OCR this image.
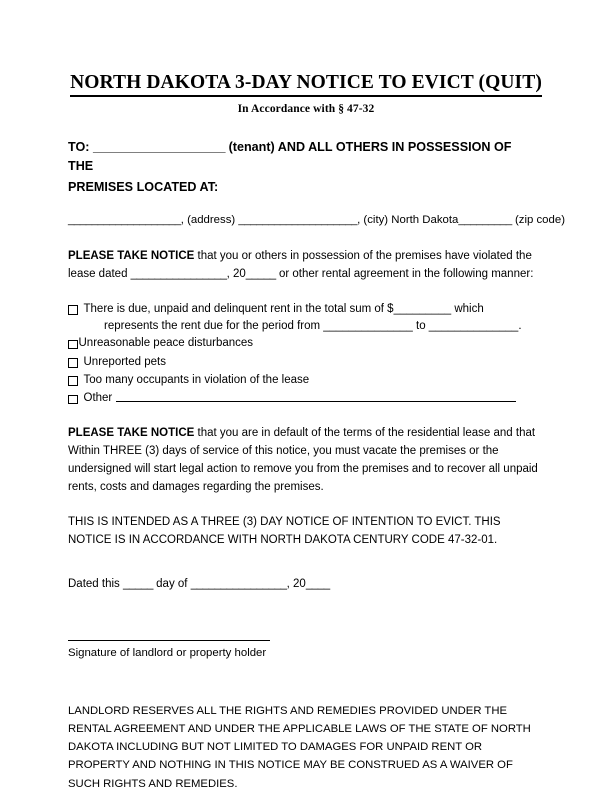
NORTH DAKOTA 3-DAY NOTICE TO EVICT (QUIT)
In Accordance with § 47-32
TO: ____________________ (tenant) AND ALL OTHERS IN POSSESSION OF THE
PREMISES LOCATED AT:
___________________, (address) ____________________, (city) North Dakota_________ (zip code)
PLEASE TAKE NOTICE that you or others in possession of the premises have violated the lease dated ________________, 20_____ or other rental agreement in the following manner:
There is due, unpaid and delinquent rent in the total sum of $_________ which
represents the rent due for the period from ______________ to ______________.
Unreasonable peace disturbances
Unreported pets
Too many occupants in violation of the lease
Other
PLEASE TAKE NOTICE that you are in default of the terms of the residential lease and that Within THREE (3) days of service of this notice, you must vacate the premises or the undersigned will start legal action to remove you from the premises and to recover all unpaid rents, costs and damages regarding the premises.
THIS IS INTENDED AS A THREE (3) DAY NOTICE OF INTENTION TO EVICT. THIS NOTICE IS IN ACCORDANCE WITH NORTH DAKOTA CENTURY CODE 47-32-01.
Dated this _____ day of ________________, 20____
Signature of landlord or property holder
LANDLORD RESERVES ALL THE RIGHTS AND REMEDIES PROVIDED UNDER THE RENTAL AGREEMENT AND UNDER THE APPLICABLE LAWS OF THE STATE OF NORTH DAKOTA INCLUDING BUT NOT LIMITED TO DAMAGES FOR UNPAID RENT OR PROPERTY AND NOTHING IN THIS NOTICE MAY BE CONSTRUED AS A WAIVER OF SUCH RIGHTS AND REMEDIES.
